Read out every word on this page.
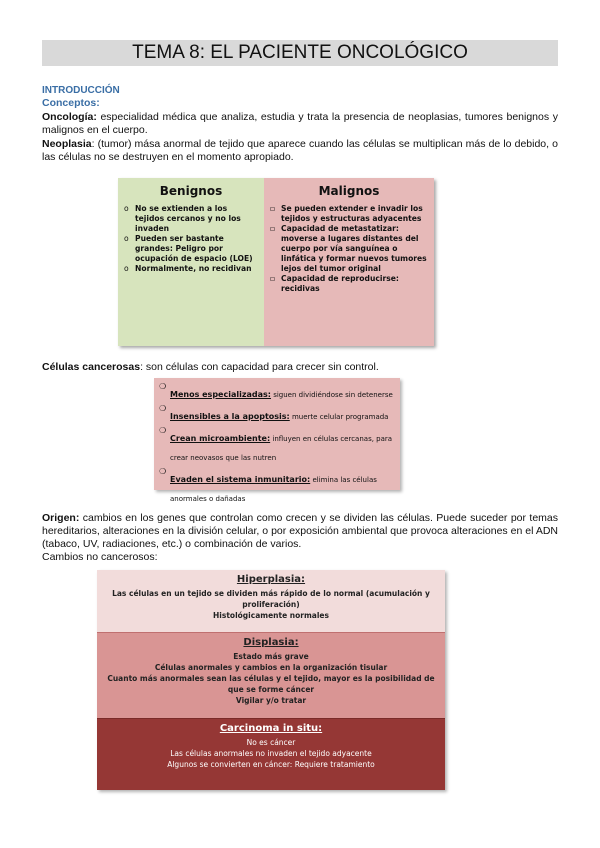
TEMA 8: EL PACIENTE ONCOLÓGICO
INTRODUCCIÓN
Conceptos:
Oncología: especialidad médica que analiza, estudia y trata la presencia de neoplasias, tumores benignos y malignos en el cuerpo.
Neoplasia: (tumor) mása anormal de tejido que aparece cuando las células se multiplican más de lo debido, o las células no se destruyen en el momento apropiado.
Benignos
o No se extienden a los tejidos cercanos y no los invaden
o Pueden ser bastante grandes: Peligro por ocupación de espacio (LOE)
o Normalmente, no recidivan
Malignos
▫ Se pueden extender e invadir los tejidos y estructuras adyacentes
▫ Capacidad de metastatizar: moverse a lugares distantes del cuerpo por vía sanguínea o linfática y formar nuevos tumores lejos del tumor original
▫ Capacidad de reproducirse: recidivas
Células cancerosas: son células con capacidad para crecer sin control.
❍
Menos especializadas: siguen dividiéndose sin detenerse
❍
Insensibles a la apoptosis: muerte celular programada
❍
Crean microambiente: influyen en células cercanas, para crear neovasos que las nutren
❍
Evaden el sistema inmunitario: elimina las células anormales o dañadas
Origen: cambios en los genes que controlan como crecen y se dividen las células. Puede suceder por temas hereditarios, alteraciones en la división celular, o por exposición ambiental que provoca alteraciones en el ADN (tabaco, UV, radiaciones, etc.) o combinación de varios.
Cambios no cancerosos:
Hiperplasia:
Las células en un tejido se dividen más rápido de lo normal (acumulación y proliferación)
Histológicamente normales
Displasia:
Estado más grave
Células anormales y cambios en la organización tisular
Cuanto más anormales sean las células y el tejido, mayor es la posibilidad de que se forme cáncer
Vigilar y/o tratar
Carcinoma in situ:
No es cáncer
Las células anormales no invaden el tejido adyacente
Algunos se convierten en cáncer: Requiere tratamiento
